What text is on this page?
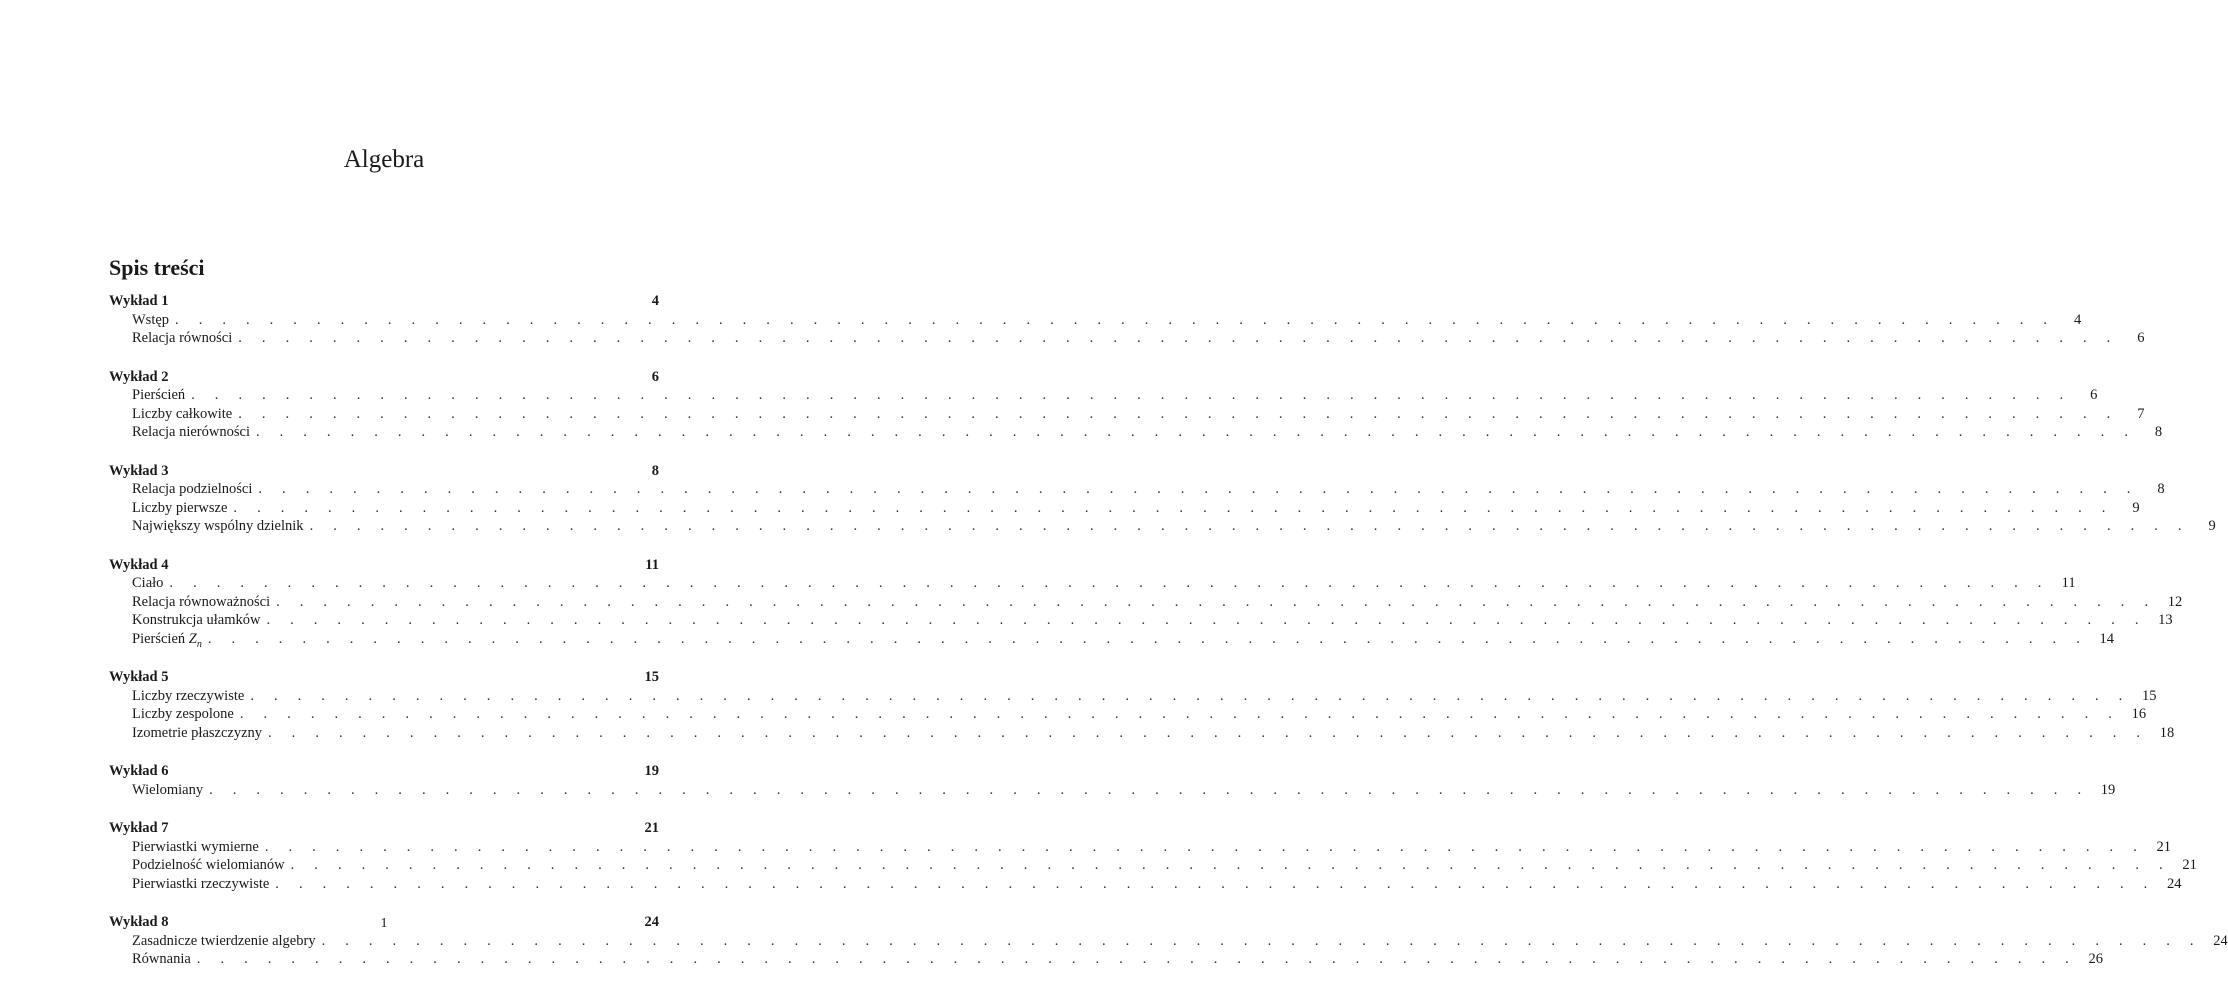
Algebra
Spis treści
Wykład 1	4
Wstęp . . . . . . . . . . . . . . . . . . . . . . . . . . . . . . . . . . . . . . . . . . . . . . . . . . . . . . . . . . . . . . . . . . . . . . . . . . . . . . . .	4
Relacja równości . . . . . . . . . . . . . . . . . . . . . . . . . . . . . . . . . . . . . . . . . . . . . . . . . . . . . . . . . . . . . . . . . . . . . . . . . . . . . . . .	6
Wykład 2	6
Pierścień . . . . . . . . . . . . . . . . . . . . . . . . . . . . . . . . . . . . . . . . . . . . . . . . . . . . . . . . . . . . . . . . . . . . . . . . . . . . . . . .	6
Liczby całkowite . . . . . . . . . . . . . . . . . . . . . . . . . . . . . . . . . . . . . . . . . . . . . . . . . . . . . . . . . . . . . . . . . . . . . . . . . . . . . . . .	7
Relacja nierówności . . . . . . . . . . . . . . . . . . . . . . . . . . . . . . . . . . . . . . . . . . . . . . . . . . . . . . . . . . . . . . . . . . . . . . . . . . . . . . . .	8
Wykład 3	8
Relacja podzielności . . . . . . . . . . . . . . . . . . . . . . . . . . . . . . . . . . . . . . . . . . . . . . . . . . . . . . . . . . . . . . . . . . . . . . . . . . . . . . . .	8
Liczby pierwsze . . . . . . . . . . . . . . . . . . . . . . . . . . . . . . . . . . . . . . . . . . . . . . . . . . . . . . . . . . . . . . . . . . . . . . . . . . . . . . . .	9
Największy wspólny dzielnik . . . . . . . . . . . . . . . . . . . . . . . . . . . . . . . . . . . . . . . . . . . . . . . . . . . . . . . . . . . . . . . . . . . . . . . . . . . . . . . .	9
Wykład 4	11
Ciało . . . . . . . . . . . . . . . . . . . . . . . . . . . . . . . . . . . . . . . . . . . . . . . . . . . . . . . . . . . . . . . . . . . . . . . . . . . . . . . . 11
Relacja równoważności . . . . . . . . . . . . . . . . . . . . . . . . . . . . . . . . . . . . . . . . . . . . . . . . . . . . . . . . . . . . . . . . . . . . . . . . . . . . . . . . 12
Konstrukcja ułamków . . . . . . . . . . . . . . . . . . . . . . . . . . . . . . . . . . . . . . . . . . . . . . . . . . . . . . . . . . . . . . . . . . . . . . . . . . . . . . . . 13
Pierścień $Z_n$ . . . . . . . . . . . . . . . . . . . . . . . . . . . . . . . . . . . . . . . . . . . . . . . . . . . . . . . . . . . . . . . . . . . . . . . . . . . . . . . . 14
Wykład 5	15
Liczby rzeczywiste . . . . . . . . . . . . . . . . . . . . . . . . . . . . . . . . . . . . . . . . . . . . . . . . . . . . . . . . . . . . . . . . . . . . . . . . . . . . . . . . 15
Liczby zespolone . . . . . . . . . . . . . . . . . . . . . . . . . . . . . . . . . . . . . . . . . . . . . . . . . . . . . . . . . . . . . . . . . . . . . . . . . . . . . . . . 16
Izometrie płaszczyzny . . . . . . . . . . . . . . . . . . . . . . . . . . . . . . . . . . . . . . . . . . . . . . . . . . . . . . . . . . . . . . . . . . . . . . . . . . . . . . . . 18
Wykład 6	19
Wielomiany . . . . . . . . . . . . . . . . . . . . . . . . . . . . . . . . . . . . . . . . . . . . . . . . . . . . . . . . . . . . . . . . . . . . . . . . . . . . . . . . 19
Wykład 7	21
Pierwiastki wymierne . . . . . . . . . . . . . . . . . . . . . . . . . . . . . . . . . . . . . . . . . . . . . . . . . . . . . . . . . . . . . . . . . . . . . . . . . . . . . . . . 21
Podzielność wielomianów . . . . . . . . . . . . . . . . . . . . . . . . . . . . . . . . . . . . . . . . . . . . . . . . . . . . . . . . . . . . . . . . . . . . . . . . . . . . . . . . 21
Pierwiastki rzeczywiste . . . . . . . . . . . . . . . . . . . . . . . . . . . . . . . . . . . . . . . . . . . . . . . . . . . . . . . . . . . . . . . . . . . . . . . . . . . . . . . . 24
Wykład 8	24
Zasadnicze twierdzenie algebry . . . . . . . . . . . . . . . . . . . . . . . . . . . . . . . . . . . . . . . . . . . . . . . . . . . . . . . . . . . . . . . . . . . . . . . . . . . . . . . . 24
Równania . . . . . . . . . . . . . . . . . . . . . . . . . . . . . . . . . . . . . . . . . . . . . . . . . . . . . . . . . . . . . . . . . . . . . . . . . . . . . . . . 26
1
